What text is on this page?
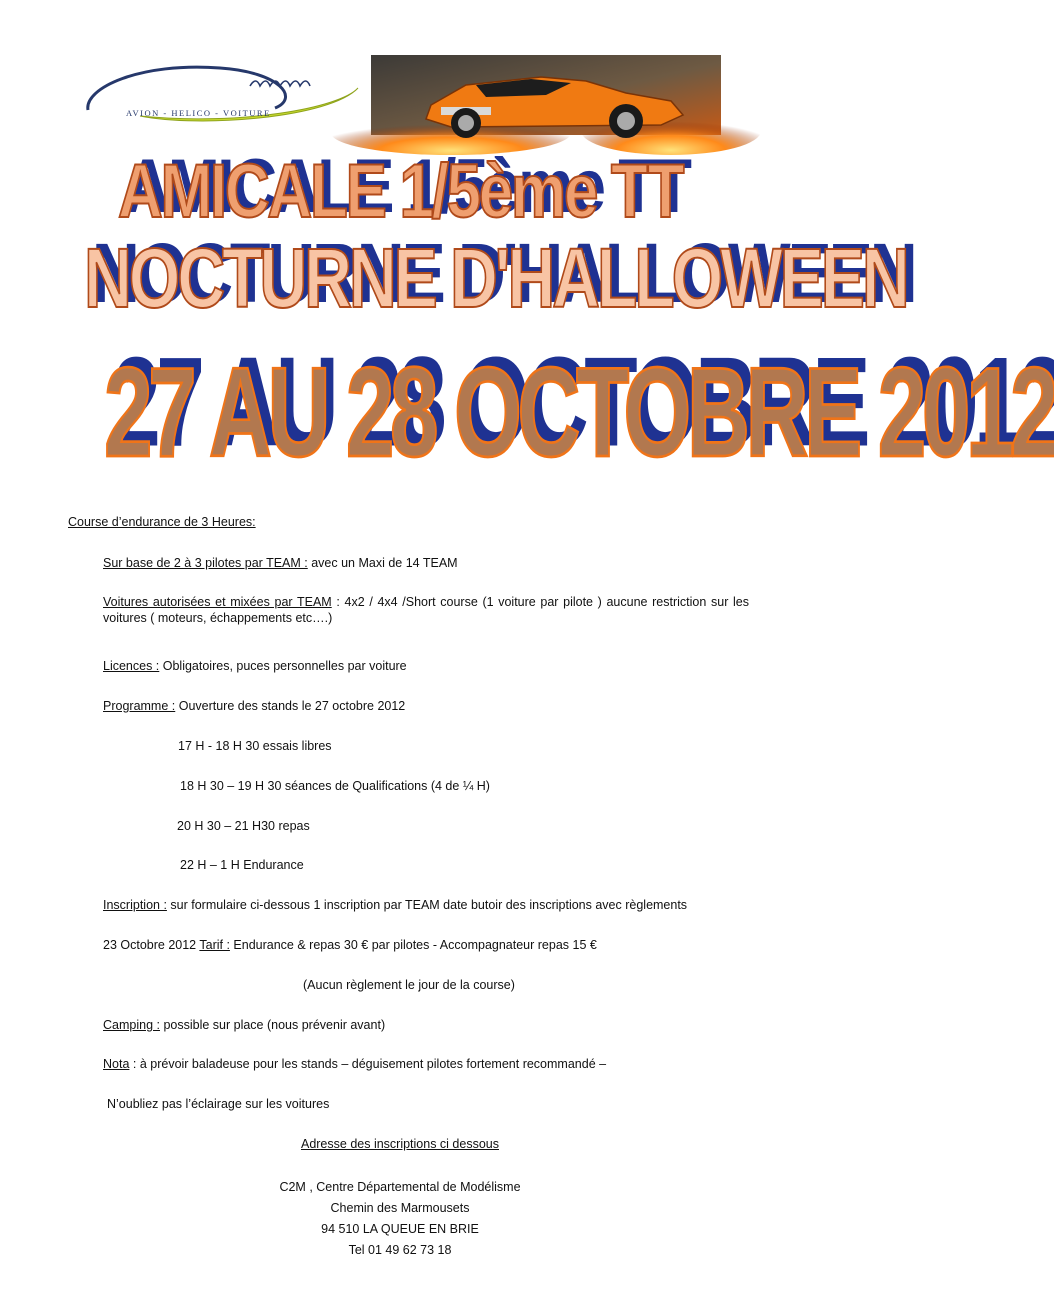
AVION - HELICO - VOITURE
AMICALE 1/5ème TT
NOCTURNE D'HALLOWEEN
27 AU 28 OCTOBRE 2012
Course d’endurance de 3 Heures:
Sur base de 2 à 3 pilotes par TEAM : avec un Maxi de 14 TEAM
Voitures autorisées et mixées par TEAM : 4x2 / 4x4 /Short course (1 voiture par pilote ) aucune restriction sur les voitures ( moteurs, échappements etc….)
Licences : Obligatoires, puces personnelles par voiture
Programme : Ouverture des stands le 27 octobre 2012
17 H - 18 H 30 essais libres
18 H 30 – 19 H 30 séances de Qualifications (4 de ¼ H)
20 H 30 – 21 H30 repas
22 H – 1 H Endurance
Inscription : sur formulaire ci-dessous 1 inscription par TEAM date butoir des inscriptions avec règlements
23 Octobre 2012 Tarif : Endurance & repas 30 € par pilotes - Accompagnateur repas 15 €
(Aucun règlement le jour de la course)
Camping : possible sur place (nous prévenir avant)
Nota : à prévoir baladeuse pour les stands – déguisement pilotes fortement recommandé –
N’oubliez pas l’éclairage sur les voitures
Adresse des inscriptions ci dessous
C2M , Centre Départemental de Modélisme
Chemin des Marmousets
94 510 LA QUEUE EN BRIE
Tel 01 49 62 73 18
